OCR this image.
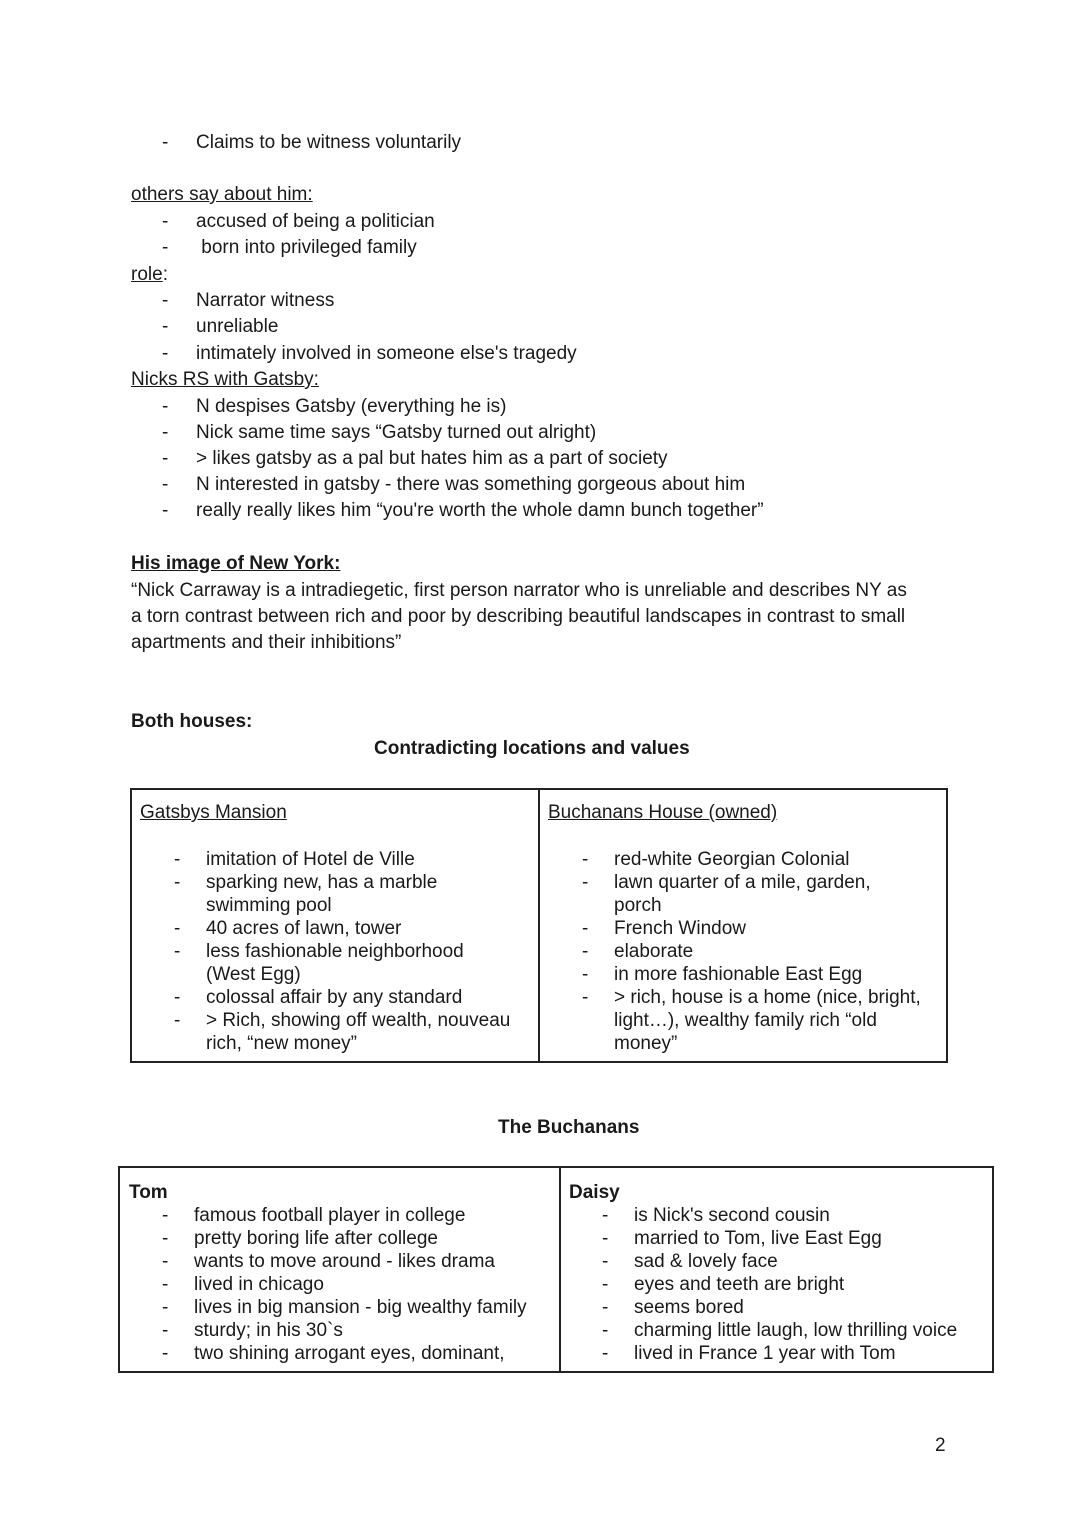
- Claims to be witness voluntarily
others say about him:
- accused of being a politician
- born into privileged family
role:
- Narrator witness
- unreliable
- intimately involved in someone else's tragedy
Nicks RS with Gatsby:
- N despises Gatsby (everything he is)
- Nick same time says “Gatsby turned out alright)
- > likes gatsby as a pal but hates him as a part of society
- N interested in gatsby - there was something gorgeous about him
- really really likes him “you're worth the whole damn bunch together”
His image of New York:
“Nick Carraway is a intradiegetic, first person narrator who is unreliable and describes NY as
a torn contrast between rich and poor by describing beautiful landscapes in contrast to small
apartments and their inhibitions”
Both houses:
Contradicting locations and values
Gatsbys Mansion
- imitation of Hotel de Ville
- sparking new, has a marble
swimming pool
- 40 acres of lawn, tower
- less fashionable neighborhood
(West Egg)
- colossal affair by any standard
- > Rich, showing off wealth, nouveau
rich, “new money”

Buchanans House (owned)
- red-white Georgian Colonial
- lawn quarter of a mile, garden,
porch
- French Window
- elaborate
- in more fashionable East Egg
- > rich, house is a home (nice, bright,
light…), wealthy family rich “old
money”
The Buchanans
Tom
- famous football player in college
- pretty boring life after college
- wants to move around - likes drama
- lived in chicago
- lives in big mansion - big wealthy family
- sturdy; in his 30`s
- two shining arrogant eyes, dominant,

Daisy
- is Nick's second cousin
- married to Tom, live East Egg
- sad & lovely face
- eyes and teeth are bright
- seems bored
- charming little laugh, low thrilling voice
- lived in France 1 year with Tom
2
